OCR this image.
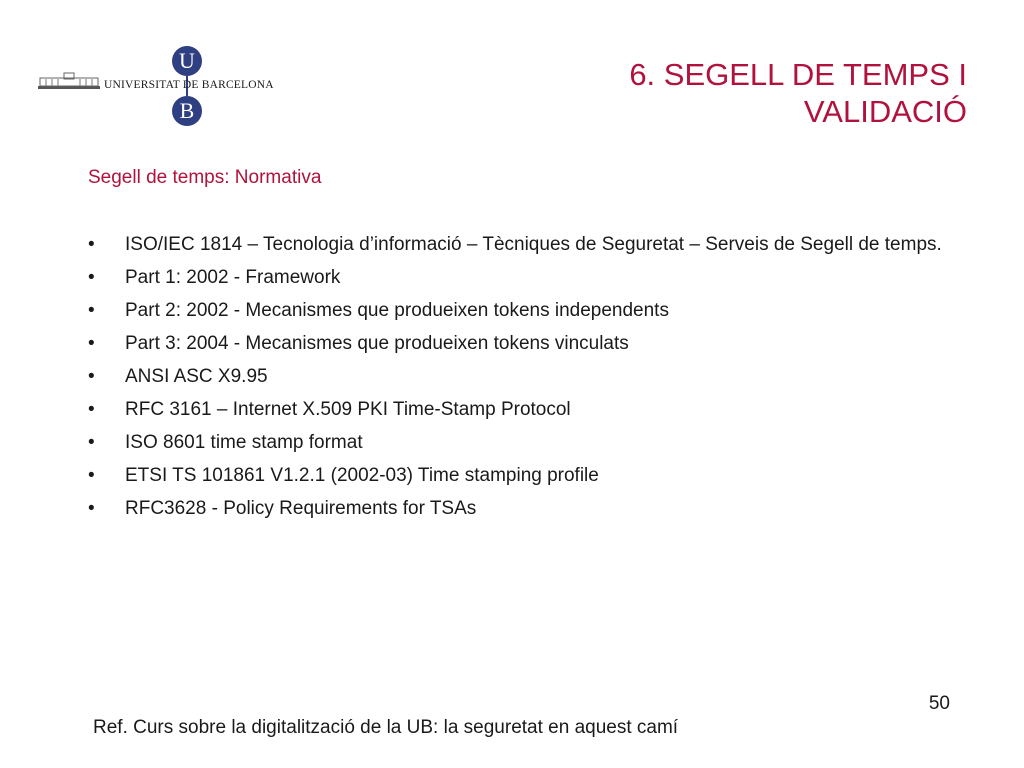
U
B
UNIVERSITAT DE BARCELONA	6. SEGELL DE TEMPS I
VALIDACIÓ
Segell de temps: Normativa
• ISO/IEC 1814 – Tecnologia d’informació – Tècniques de Seguretat – Serveis de Segell de temps.
• Part 1: 2002 - Framework
• Part 2: 2002 - Mecanismes que produeixen tokens independents
• Part 3: 2004 - Mecanismes que produeixen tokens vinculats
• ANSI ASC X9.95
• RFC 3161 – Internet X.509 PKI Time-Stamp Protocol
• ISO 8601 time stamp format
• ETSI TS 101861 V1.2.1 (2002-03) Time stamping profile
• RFC3628 - Policy Requirements for TSAs
50
Ref. Curs sobre la digitalització de la UB: la seguretat en aquest camí
